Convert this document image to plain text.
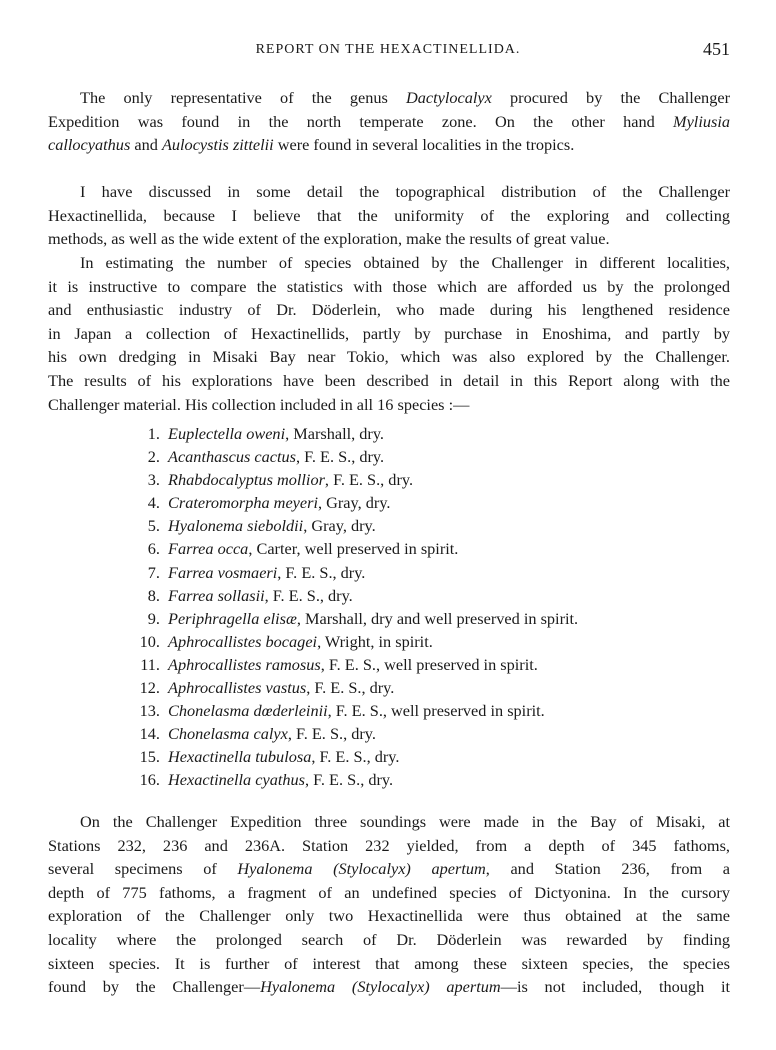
REPORT ON THE HEXACTINELLIDA.	451
The only representative of the genus Dactylocalyx procured by the Challenger
Expedition was found in the north temperate zone. On the other hand Myliusia
callocyathus and Aulocystis zittelii were found in several localities in the tropics.
I have discussed in some detail the topographical distribution of the Challenger
Hexactinellida, because I believe that the uniformity of the exploring and collecting
methods, as well as the wide extent of the exploration, make the results of great value.
In estimating the number of species obtained by the Challenger in different localities,
it is instructive to compare the statistics with those which are afforded us by the prolonged
and enthusiastic industry of Dr. Döderlein, who made during his lengthened residence
in Japan a collection of Hexactinellids, partly by purchase in Enoshima, and partly by
his own dredging in Misaki Bay near Tokio, which was also explored by the Challenger.
The results of his explorations have been described in detail in this Report along with the
Challenger material. His collection included in all 16 species :—
1. Euplectella oweni, Marshall, dry.
2. Acanthascus cactus, F. E. S., dry.
3. Rhabdocalyptus mollior, F. E. S., dry.
4. Crateromorpha meyeri, Gray, dry.
5. Hyalonema sieboldii, Gray, dry.
6. Farrea occa, Carter, well preserved in spirit.
7. Farrea vosmaeri, F. E. S., dry.
8. Farrea sollasii, F. E. S., dry.
9. Periphragella elisæ, Marshall, dry and well preserved in spirit.
10. Aphrocallistes bocagei, Wright, in spirit.
11. Aphrocallistes ramosus, F. E. S., well preserved in spirit.
12. Aphrocallistes vastus, F. E. S., dry.
13. Chonelasma dœderleinii, F. E. S., well preserved in spirit.
14. Chonelasma calyx, F. E. S., dry.
15. Hexactinella tubulosa, F. E. S., dry.
16. Hexactinella cyathus, F. E. S., dry.
On the Challenger Expedition three soundings were made in the Bay of Misaki, at
Stations 232, 236 and 236A. Station 232 yielded, from a depth of 345 fathoms,
several specimens of Hyalonema (Stylocalyx) apertum, and Station 236, from a
depth of 775 fathoms, a fragment of an undefined species of Dictyonina. In the cursory
exploration of the Challenger only two Hexactinellida were thus obtained at the same
locality where the prolonged search of Dr. Döderlein was rewarded by finding
sixteen species. It is further of interest that among these sixteen species, the species
found by the Challenger—Hyalonema (Stylocalyx) apertum—is not included, though it
